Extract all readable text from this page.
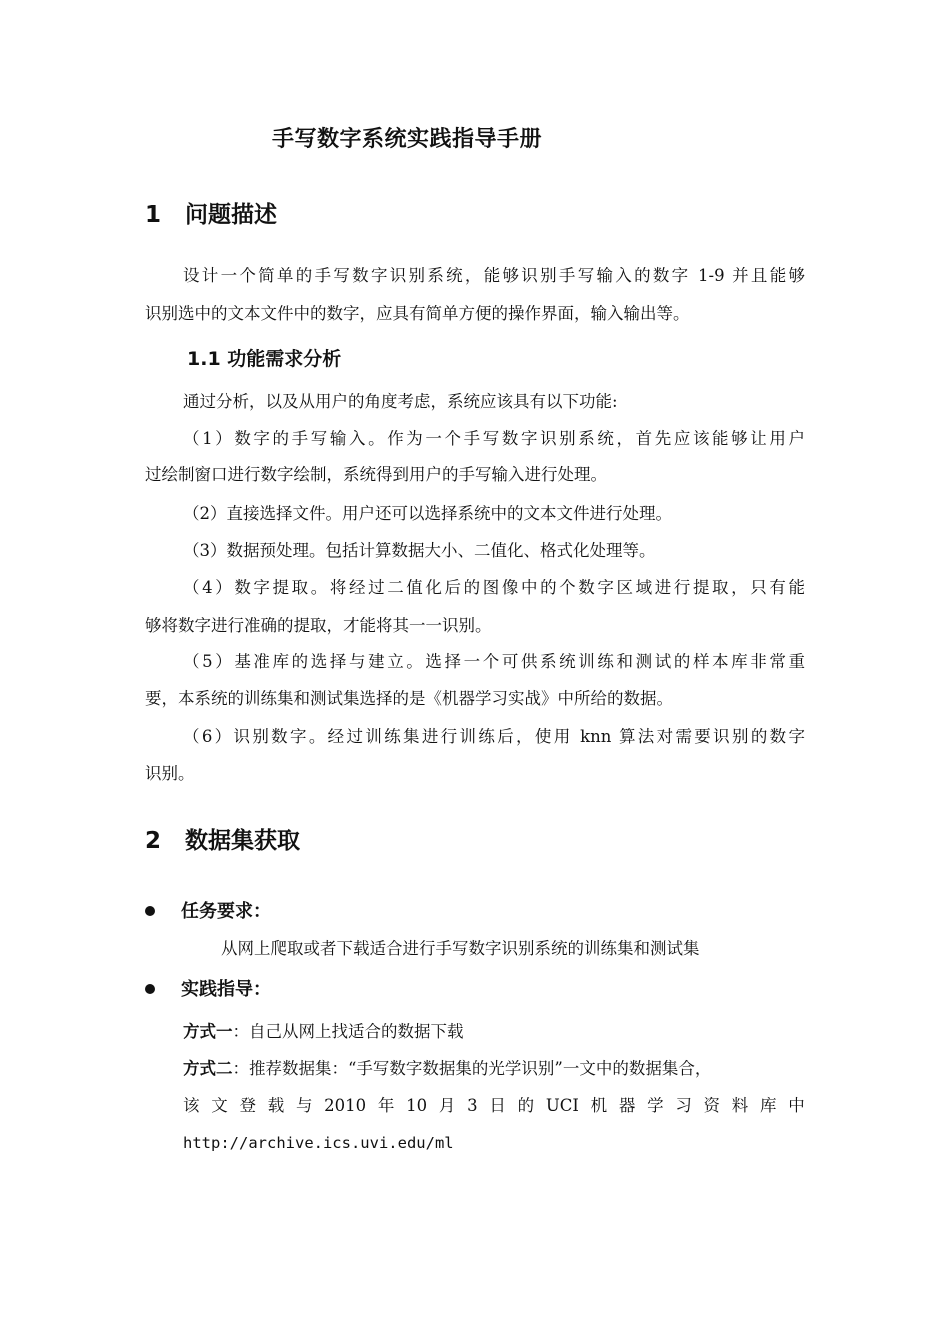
手写数字系统实践指导手册
1 问题描述
设计一个简单的手写数字识别系统，能够识别手写输入的数字 1-9 并且能够
识别选中的文本文件中的数字，应具有简单方便的操作界面，输入输出等。
1.1 功能需求分析
通过分析，以及从用户的角度考虑，系统应该具有以下功能:
（1）数字的手写输入。作为一个手写数字识别系统，首先应该能够让用户
过绘制窗口进行数字绘制，系统得到用户的手写输入进行处理。
（2）直接选择文件。用户还可以选择系统中的文本文件进行处理。
（3）数据预处理。包括计算数据大小、二值化、格式化处理等。
（4）数字提取。将经过二值化后的图像中的个数字区域进行提取，只有能
够将数字进行准确的提取，才能将其一一识别。
（5）基准库的选择与建立。选择一个可供系统训练和测试的样本库非常重
要，本系统的训练集和测试集选择的是《机器学习实战》中所给的数据。
（6）识别数字。经过训练集进行训练后，使用 knn 算法对需要识别的数字
识别。
2 数据集获取
任务要求：
从网上爬取或者下载适合进行手写数字识别系统的训练集和测试集
实践指导：
方式一：自己从网上找适合的数据下载
方式二：推荐数据集：“手写数字数据集的光学识别”一文中的数据集合，
该 文 登 载 与 2010 年 10 月 3 日 的 UCI 机 器 学 习 资 料 库 中
http://archive.ics.uvi.edu/ml
